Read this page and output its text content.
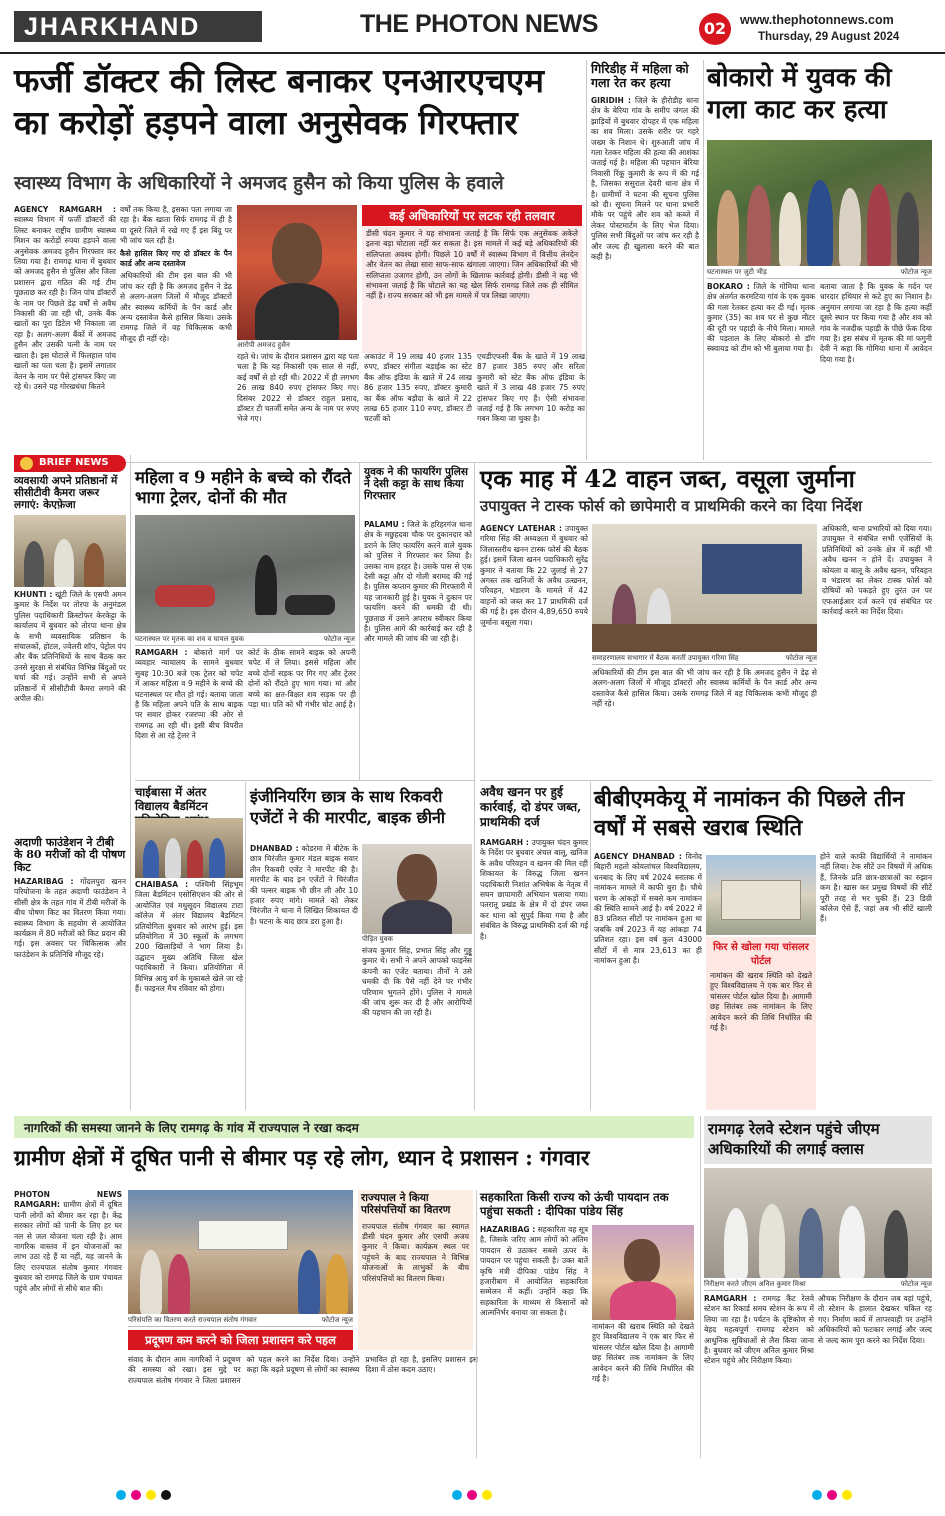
JHARKHAND	THE PHOTON NEWS	02	www.thephotonnews.com
Thursday, 29 August 2024
फर्जी डॉक्टर की लिस्ट बनाकर एनआरएचएम का करोड़ों हड़पने वाला अनुसेवक गिरफ्तार
स्वास्थ्य विभाग के अधिकारियों ने अमजद हुसैन को किया पुलिस के हवाले
AGENCY RAMGARH : स्वास्थ्य विभाग में फर्जी डॉक्टरों की लिस्ट बनाकर राष्ट्रीय ग्रामीण स्वास्थ्य मिशन का करोड़ों रुपया हड़पने वाला अनुसेवक अमजद हुसैन गिरफ्तार कर लिया गया है। रामगढ़ थाना में बुधवार को अमजद हुसैन से पुलिस और जिला प्रशासन द्वारा गठित की गई टीम पूछताछ कर रही है। जिन पांच डॉक्टरों के नाम पर पिछले डेढ़ वर्षों से अवैध निकासी की जा रही थी, उनके बैंक खातों का पूरा डिटेल भी निकाला जा रहा है। अलग-अलग बैंकों में अमजद हुसैन और उसकी पत्नी के नाम पर खाता है। इस घोटाले में फिलहाल पांच खातों का पता चला है। इसमें लगातार वेतन के नाम पर पैसे ट्रांसफर किए जा रहे थे। उसने यह गोरखधंधा कितने
वर्षों तक किया है, इसका पता लगाया जा रहा है। बैंक खाता सिर्फ रामगढ़ में ही है या दूसरे जिले में रखे गए हैं इस बिंदु पर भी जांच चल रही है।
कैसे हासिल किए गए दो डॉक्टर के पैन कार्ड और अन्य दस्तावेज
अधिकारियों की टीम इस बात की भी जांच कर रही है कि अमजद हुसैन ने डेढ़ से अलग-अलग जिलों में मौजूद डॉक्टरों और स्वास्थ्य कर्मियों के पैन कार्ड और अन्य दस्तावेज कैसे हासिल किया। उसके रामगढ़ जिले में वह चिकित्सक कभी मौजूद ही नहीं रहे।
आरोपी अमजद हुसैन
कई अधिकारियों पर लटक रही तलवार
डीसी चंदन कुमार ने यह संभावना जताई है कि सिर्फ एक अनुसेवक अकेले इतना बड़ा घोटाला नहीं कर सकता है। इस मामले में कई बड़े अधिकारियों की संलिप्तता अवश्य होगी। पिछले 10 वर्षों में स्वास्थ्य विभाग में वित्तीय लेनदेन और वेतन का लेखा सारा साफ-साफ खंगाला जाएगा। जिन अधिकारियों की भी संलिप्तता उजागर होगी, उन लोगों के खिलाफ कार्रवाई होगी। डीसी ने यह भी संभावना जताई है कि घोटाले का यह खेल सिर्फ रामगढ़ जिले तक ही सीमित नहीं है। राज्य सरकार को भी इस मामले में पत्र लिखा जाएगा।
रहते थे। जांच के दौरान प्रशासन द्वारा यह पता चला है कि यह निकासी एक साल से नहीं, कई वर्षों से हो रही थी। 2022 में ही लगभग 26 लाख 840 रुपए ट्रांसफर किए गए। दिसंबर 2022 से डॉक्टर राहुल प्रसाद, डॉक्टर टी चतर्जी समेत अन्य के नाम पर रुपए भेजे गए।
अकाउंट में 19 लाख 40 हजार 135 रुपए, डॉक्टर संगीता बड़ाईक का स्टेट बैंक ऑफ इंडिया के खाते में 24 लाख 86 हजार 135 रुपए, डॉक्टर कुमारी का बैंक ऑफ बड़ौदा के खाते में 22 लाख 65 हजार 110 रुपए, डॉक्टर टी चटर्जी को
एचडीएफसी बैंक के खाते में 19 लाख 87 हजार 385 रुपए और सरिता कुमारी को स्टेट बैंक ऑफ इंडिया के खाते में 3 लाख 48 हजार 75 रुपए ट्रांसफर किए गए हैं। ऐसी संभावना जताई गई है कि लगभग 10 करोड़ का गबन किया जा चुका है।
गिरिडीह में महिला को गला रेत कर हत्या
GIRIDIH : जिले के हीरोडीह थाना क्षेत्र के बेरिया गांव के समीप जंगल की झाड़ियों में बुधवार दोपहर में एक महिला का शव मिला। उसके शरीर पर गहरे जख्म के निशान थे। शुरुआती जांच में गला रेतकर महिला की हत्या की आशंका जताई गई है। महिला की पहचान बेरिया निवासी रिंकू कुमारी के रूप में की गई है, जिसका ससुराल देवरी थाना क्षेत्र में है। ग्रामीणों ने घटना की सूचना पुलिस को दी। सूचना मिलने पर थाना प्रभारी मौके पर पहुंचे और शव को कब्जे में लेकर पोस्टमार्टम के लिए भेज दिया। पुलिस सभी बिंदुओं पर जांच कर रही है और जल्द ही खुलासा करने की बात कही है।
बोकारो में युवक की गला काट कर हत्या
घटनास्थल पर जुटी भीड़	फोटोज न्यूज
BOKARO : जिले के गोमिया थाना क्षेत्र अंतर्गत करमटिया गांव के एक युवक की गला रेतकर हत्या कर दी गई। मृतक कुमार (35) का शव घर से कुछ मीटर की दूरी पर पहाड़ी के नीचे मिला। मामले की पड़ताल के लिए बोकारो से डॉग स्क्वायड को टीम को भी बुलाया गया है।
बताया जाता है कि युवक के गर्दन पर धारदार हथियार से कटे हुए का निशान है। अनुमान लगाया जा रहा है कि हत्या कहीं दूसरे स्थान पर किया गया है और शव को गांव के नजदीक पहाड़ी के पीछे फेंक दिया गया है। इस संबंध में मृतक की मां फगुनी देवी ने कहा कि गोमिया थाना में आवेदन दिया गया है।
BRIEF NEWS
व्यवसायी अपने प्रतिष्ठानों में सीसीटीवी कैमरा जरूर लगाएं: केएफ़ेजा
KHUNTI : खूंटी जिले के एसपी अमन कुमार के निर्देश पर तोरपा के अनुमंडल पुलिस पदाधिकारी क्रिस्टोफर केरकेट्टा के कार्यालय में बुधवार को तोरपा थाना क्षेत्र के सभी व्यवसायिक प्रतिष्ठान के संचालकों, होटल, ज्वेलरी शॉप, पेट्रोल पंप और बैंक प्रतिनिधियों के साथ बैठक कर उनसे सुरक्षा से संबंधित विभिन्न बिंदुओं पर चर्चा की गई। उन्होंने सभी से अपने प्रतिष्ठानों में सीसीटीवी कैमरा लगाने की अपील की।
अदाणी फाउंडेशन ने टीबी के 80 मरीजों को दी पोषण किट
HAZARIBAG : गोंदलपुरा खनन परियोजना के तहत अदाणी फाउंडेशन ने सीसी क्षेत्र के तहत गांव में टीबी मरीजों के बीच पोषण किट का वितरण किया गया। स्वास्थ्य विभाग के सहयोग से आयोजित कार्यक्रम में 80 मरीजों को किट प्रदान की गई। इस अवसर पर चिकित्सक और फाउंडेशन के प्रतिनिधि मौजूद रहे।
महिला व 9 महीने के बच्चे को रौंदते भागा ट्रेलर, दोनों की मौत
घटनास्थल पर मृतक का शव व घायल युवक	फोटोज न्यूज
RAMGARH : बोकारो मार्ग पर व्यवहार न्यायालय के सामने बुधवार सुबह 10:30 बजे एक ट्रेलर को चपेट में आकर महिला व 9 महीने के बच्चे की घटनास्थल पर मौत हो गई। बताया जाता है कि महिला अपने पति के साथ बाइक पर सवार होकर रजरप्पा की ओर से रामगढ़ आ रही थी। इसी बीच विपरीत दिशा से आ रहे ट्रेलर ने
कोर्ट के ठीक सामने बाइक को अपनी चपेट में ले लिया। इससे महिला और बच्चे दोनों सड़क पर गिर गए और ट्रेलर दोनों को रौंदते हुए भाग गया। मां और बच्चे का क्षत-विक्षत शव सड़क पर ही पड़ा था। पति को भी गंभीर चोट आई है।
युवक ने की फायरिंग पुलिस ने देसी कट्टा के साथ किया गिरफ्तार
PALAMU : जिले के हरिहरगंज थाना क्षेत्र के मछुहदवा चौक पर दुकानदार को डराने के लिए फायरिंग करने वाले युवक को पुलिस ने गिरफ्तार कर लिया है। उसका नाम हरहर है। उसके पास से एक देसी कट्टा और दो गोली बरामद की गई है। पुलिस कप्तान कुमार की गिरफ्तारी में यह जानकारी हुई है। युवक ने दुकान पर फायरिंग करने की धमकी दी थी। पूछताछ में उसने अपराध स्वीकार किया है। पुलिस आगे की कार्रवाई कर रही है और मामले की जांच की जा रही है।
चाईबासा में अंतर विद्यालय बैडमिंटन
CHAIBASA : पश्चिमी सिंहभूम जिला बैडमिंटन एसोसिएशन की ओर से आयोजित एवं मधुसूदन विद्यालय टाटा कॉलेज में अंतर विद्यालय बैडमिंटन प्रतियोगिता बुधवार को आरंभ हुई। इस प्रतियोगिता में 30 स्कूलों के लगभग 200 खिलाड़ियों ने भाग लिया है। उद्घाटन मुख्य अतिथि जिला खेल पदाधिकारी ने किया। प्रतियोगिता में विभिन्न आयु वर्ग के मुकाबले खेले जा रहे हैं। फाइनल मैच रविवार को होगा।
इंजीनियरिंग छात्र के साथ रिकवरी एजेंटों ने की मारपीट, बाइक छीनी
DHANBAD : कोडरमा में बीटेक के छात्र चिरंजीत कुमार मंडल बाइक सवार तीन रिकवरी एजेंट ने मारपीट की है। मारपीट के बाद इन एजेंटों ने चिरंजीत की पल्सर बाइक भी छीन ली और 10 हजार रुपए मांगे। मामले को लेकर चिरंजीत ने थाना में लिखित शिकायत दी है। घटना के बाद छात्र डरा हुआ है।
पीड़ित युवक
संजय कुमार सिंह, प्रभात सिंह और गुड्डू कुमार थे। सभी ने अपने आपको फाइनेंस कंपनी का एजेंट बताया। तीनों ने उसे धमकी दी कि पैसे नहीं देने पर गंभीर परिणाम भुगतने होंगे। पुलिस ने मामले की जांच शुरू कर दी है और आरोपियों की पहचान की जा रही है।
एक माह में 42 वाहन जब्त, वसूला जुर्माना
उपायुक्त ने टास्क फोर्स को छापेमारी व प्राथमिकी करने का दिया निर्देश
AGENCY LATEHAR : उपायुक्त गरिमा सिंह की अध्यक्षता में बुधवार को जिलास्तरीय खनन टास्क फोर्स की बैठक हुई। इसमें जिला खनन पदाधिकारी सुरेंद्र कुमार ने बताया कि 22 जुलाई से 27 अगस्त तक खनिजों के अवैध उत्खनन, परिवहन, भंडारण के मामले में 42 वाहनों को जब्त कर 17 प्राथमिकी दर्ज की गई है। इस दौरान 4,89,650 रुपये जुर्माना वसूला गया।
समाहरणालय सभागार में बैठक करतीं उपायुक्त गरिमा सिंह	फोटोज न्यूज
अधिकारी, थाना प्रभारियों को दिया गया। उपायुक्त ने संबंधित सभी एजेंसियों के प्रतिनिधियों को उनके क्षेत्र में कहीं भी अवैध खनन न होने दें। उपायुक्त ने कोयला व बालू के अवैध खनन, परिवहन व भंडारण का लेकर टास्क फोर्स को दोषियों को पकड़ते हुए तुरंत उन पर एफआईआर दर्ज करने एवं संबंधित पर कार्रवाई करने का निर्देश दिया।
अधिकारियों की टीम इस बात की भी जांच कर रही है कि अमजद हुसैन ने डेढ़ से अलग-अलग जिलों में मौजूद डॉक्टरों और स्वास्थ्य कर्मियों के पैन कार्ड और अन्य दस्तावेज कैसे हासिल किया। उसके रामगढ़ जिले में वह चिकित्सक कभी मौजूद ही नहीं रहे।
अवैध खनन पर हुई कार्रवाई, दो डंपर जब्त, प्राथमिकी दर्ज
RAMGARH : उपायुक्त चंदन कुमार के निर्देश पर बुधवार अंचल बालू, खनिज के अवैध परिवहन व खनन की मिल रही शिकायत के विरुद्ध जिला खनन पदाधिकारी निशांत अभिषेक के नेतृत्व में सघन छापामारी अभियान चलाया गया। पतरातू प्रखंड के क्षेत्र में दो डंपर जब्त कर थाना को सुपुर्द किया गया है और संबंधित के विरुद्ध प्राथमिकी दर्ज की गई है।
बीबीएमकेयू में नामांकन की पिछले तीन वर्षों में सबसे खराब स्थिति
AGENCY DHANBAD : विनोद बिहारी महतो कोयलांचल विश्वविद्यालय, धनबाद के लिए वर्ष 2024 स्नातक में नामांकन मामले में काफी बुरा है। चौथे चरण के आंकड़ों में सबसे कम नामांकन की स्थिति सामने आई है। वर्ष 2022 में 83 प्रतिशत सीटों पर नामांकन हुआ था जबकि वर्ष 2023 में यह आंकड़ा 74 प्रतिशत रहा। इस वर्ष कुल 43000 सीटों में से मात्र 23,613 का ही नामांकन हुआ है।
फिर से खोला गया चांसलर पोर्टल
नामांकन की खराब स्थिति को देखते हुए विश्वविद्यालय ने एक बार फिर से चांसलर पोर्टल खोल दिया है। आगामी छह सितंबर तक नामांकन के लिए आवेदन करने की तिथि निर्धारित की गई है।
होने वाले काफी विद्यार्थियों ने नामांकन नहीं लिया। टेक सीटें उन विषयों में अधिक हैं, जिनके प्रति छात्र-छात्राओं का रुझान कम है। खास कर प्रमुख विषयों की सीटें पूरी तरह से भर चुकी हैं। 23 डिग्री कॉलेज ऐसे हैं, जहां अब भी सीटें खाली हैं।
नागरिकों की समस्या जानने के लिए रामगढ़ के गांव में राज्यपाल ने रखा कदम
ग्रामीण क्षेत्रों में दूषित पानी से बीमार पड़ रहे लोग, ध्यान दे प्रशासन : गंगवार
PHOTON NEWS RAMGARH: ग्रामीण क्षेत्रों में दूषित पानी लोगों को बीमार कर रहा है। केंद्र सरकार लोगों को पानी के लिए हर घर नल से जल योजना चला रही है। आम नागरिक वास्तव में इन योजनाओं का लाभ उठा रहे हैं या नहीं, यह जानने के लिए राज्यपाल संतोष कुमार गंगवार बुधवार को रामगढ़ जिले के ग्राम पंचायत पहुंचे और लोगों से सीधे बात की।
परिसंपत्ति का वितरण करते राज्यपाल संतोष गंगवार	फोटोज न्यूज
प्रदूषण कम करने को जिला प्रशासन करे पहल
संवाद के दौरान आम नागरिकों ने प्रदूषण की समस्या को रखा। इस मुद्दे पर राज्यपाल संतोष गंगवार ने जिला प्रशासन को पहल करने का निर्देश दिया। उन्होंने कहा कि बढ़ते प्रदूषण से लोगों का स्वास्थ्य प्रभावित हो रहा है, इसलिए प्रशासन इस दिशा में ठोस कदम उठाए।
राज्यपाल ने किया परिसंपत्तियों का वितरण
राज्यपाल संतोष गंगवार का स्वागत डीसी चंदन कुमार और एसपी अजय कुमार ने किया। कार्यक्रम स्थल पर पहुंचने के बाद राज्यपाल ने विभिन्न योजनाओं के लाभुकों के बीच परिसंपत्तियों का वितरण किया।
सहकारिता किसी राज्य को ऊंची पायदान तक पहुंचा सकती : दीपिका पांडेय सिंह
HAZARIBAG : सहकारिता वह सूत्र है, जिसके जरिए आम लोगों को अंतिम पायदान से उठाकर सबसे ऊपर के पायदान पर पहुंचा सकती है। उक्त बातें कृषि मंत्री दीपिका पांडेय सिंह ने हजारीबाग में आयोजित सहकारिता सम्मेलन में कहीं। उन्होंने कहा कि सहकारिता के माध्यम से किसानों को आत्मनिर्भर बनाया जा सकता है।
नामांकन की खराब स्थिति को देखते हुए विश्वविद्यालय ने एक बार फिर से चांसलर पोर्टल खोल दिया है। आगामी छह सितंबर तक नामांकन के लिए आवेदन करने की तिथि निर्धारित की गई है।
रामगढ़ रेलवे स्टेशन पहुंचे जीएम अधिकारियों की लगाई क्लास
निरीक्षण करते जीएम अनिल कुमार मिश्रा	फोटोज न्यूज
RAMGARH : रामगढ़ कैंट रेलवे स्टेशन का रिकार्ड समय स्टेशन के रूप में लिया जा रहा है। पर्यटन के दृष्टिकोण से बेहद महत्वपूर्ण रामगढ़ स्टेशन को आधुनिक सुविधाओं से लैस किया जाना है। बुधवार को जीएम अनिल कुमार मिश्रा स्टेशन पहुंचे और निरीक्षण किया।
औचक निरीक्षण के दौरान जब वहां पहुंचे, तो स्टेशन के हालात देखकर चकित रह गए। निर्माण कार्य में लापरवाही पर उन्होंने अधिकारियों को फटकार लगाई और जल्द से जल्द काम पूरा करने का निर्देश दिया।
